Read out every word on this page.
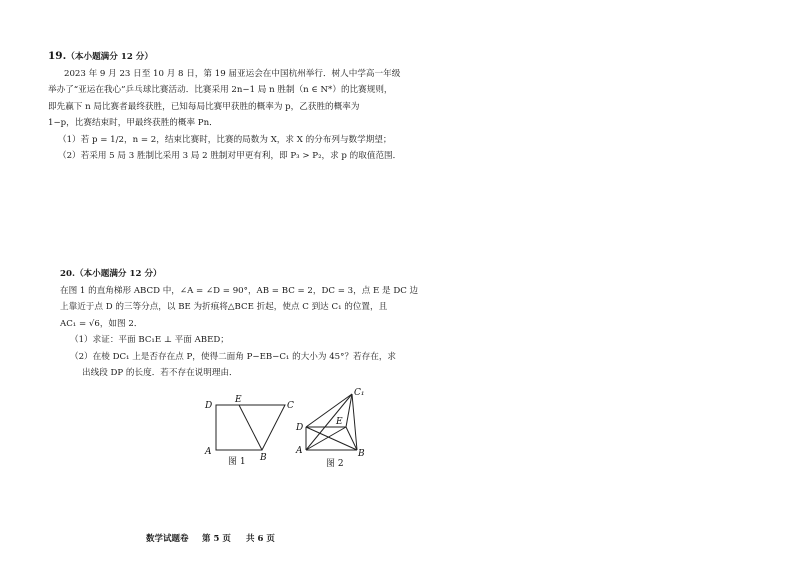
19.（本小题满分 12 分）
2023 年 9 月 23 日至 10 月 8 日，第 19 届亚运会在中国杭州举行．树人中学高一年级
举办了“亚运在我心”乒乓球比赛活动．比赛采用 2n−1 局 n 胜制（n ∈ N*）的比赛规则，
即先赢下 n 局比赛者最终获胜，已知每局比赛甲获胜的概率为 p，乙获胜的概率为
1−p，比赛结束时，甲最终获胜的概率 Pn．
（1）若 p = 1/2，n = 2，结束比赛时，比赛的局数为 X，求 X 的分布列与数学期望；
（2）若采用 5 局 3 胜制比采用 3 局 2 胜制对甲更有利，即 P₃ > P₂，求 p 的取值范围．
20.（本小题满分 12 分）
在图 1 的直角梯形 ABCD 中，∠A = ∠D = 90°，AB = BC = 2，DC = 3，点 E 是 DC 边
上靠近于点 D 的三等分点，以 BE 为折痕将△BCE 折起，使点 C 到达 C₁ 的位置，且
AC₁ = √6，如图 2．
（1）求证：平面 BC₁E ⊥ 平面 ABED；
（2）在棱 DC₁ 上是否存在点 P，使得二面角 P−EB−C₁ 的大小为 45°？若存在，求
出线段 DP 的长度．若不存在说明理由．
D
E
C
A
B
图 1
C₁
D
E
A	B
图 2
数学试题卷 第 5 页 共 6 页
